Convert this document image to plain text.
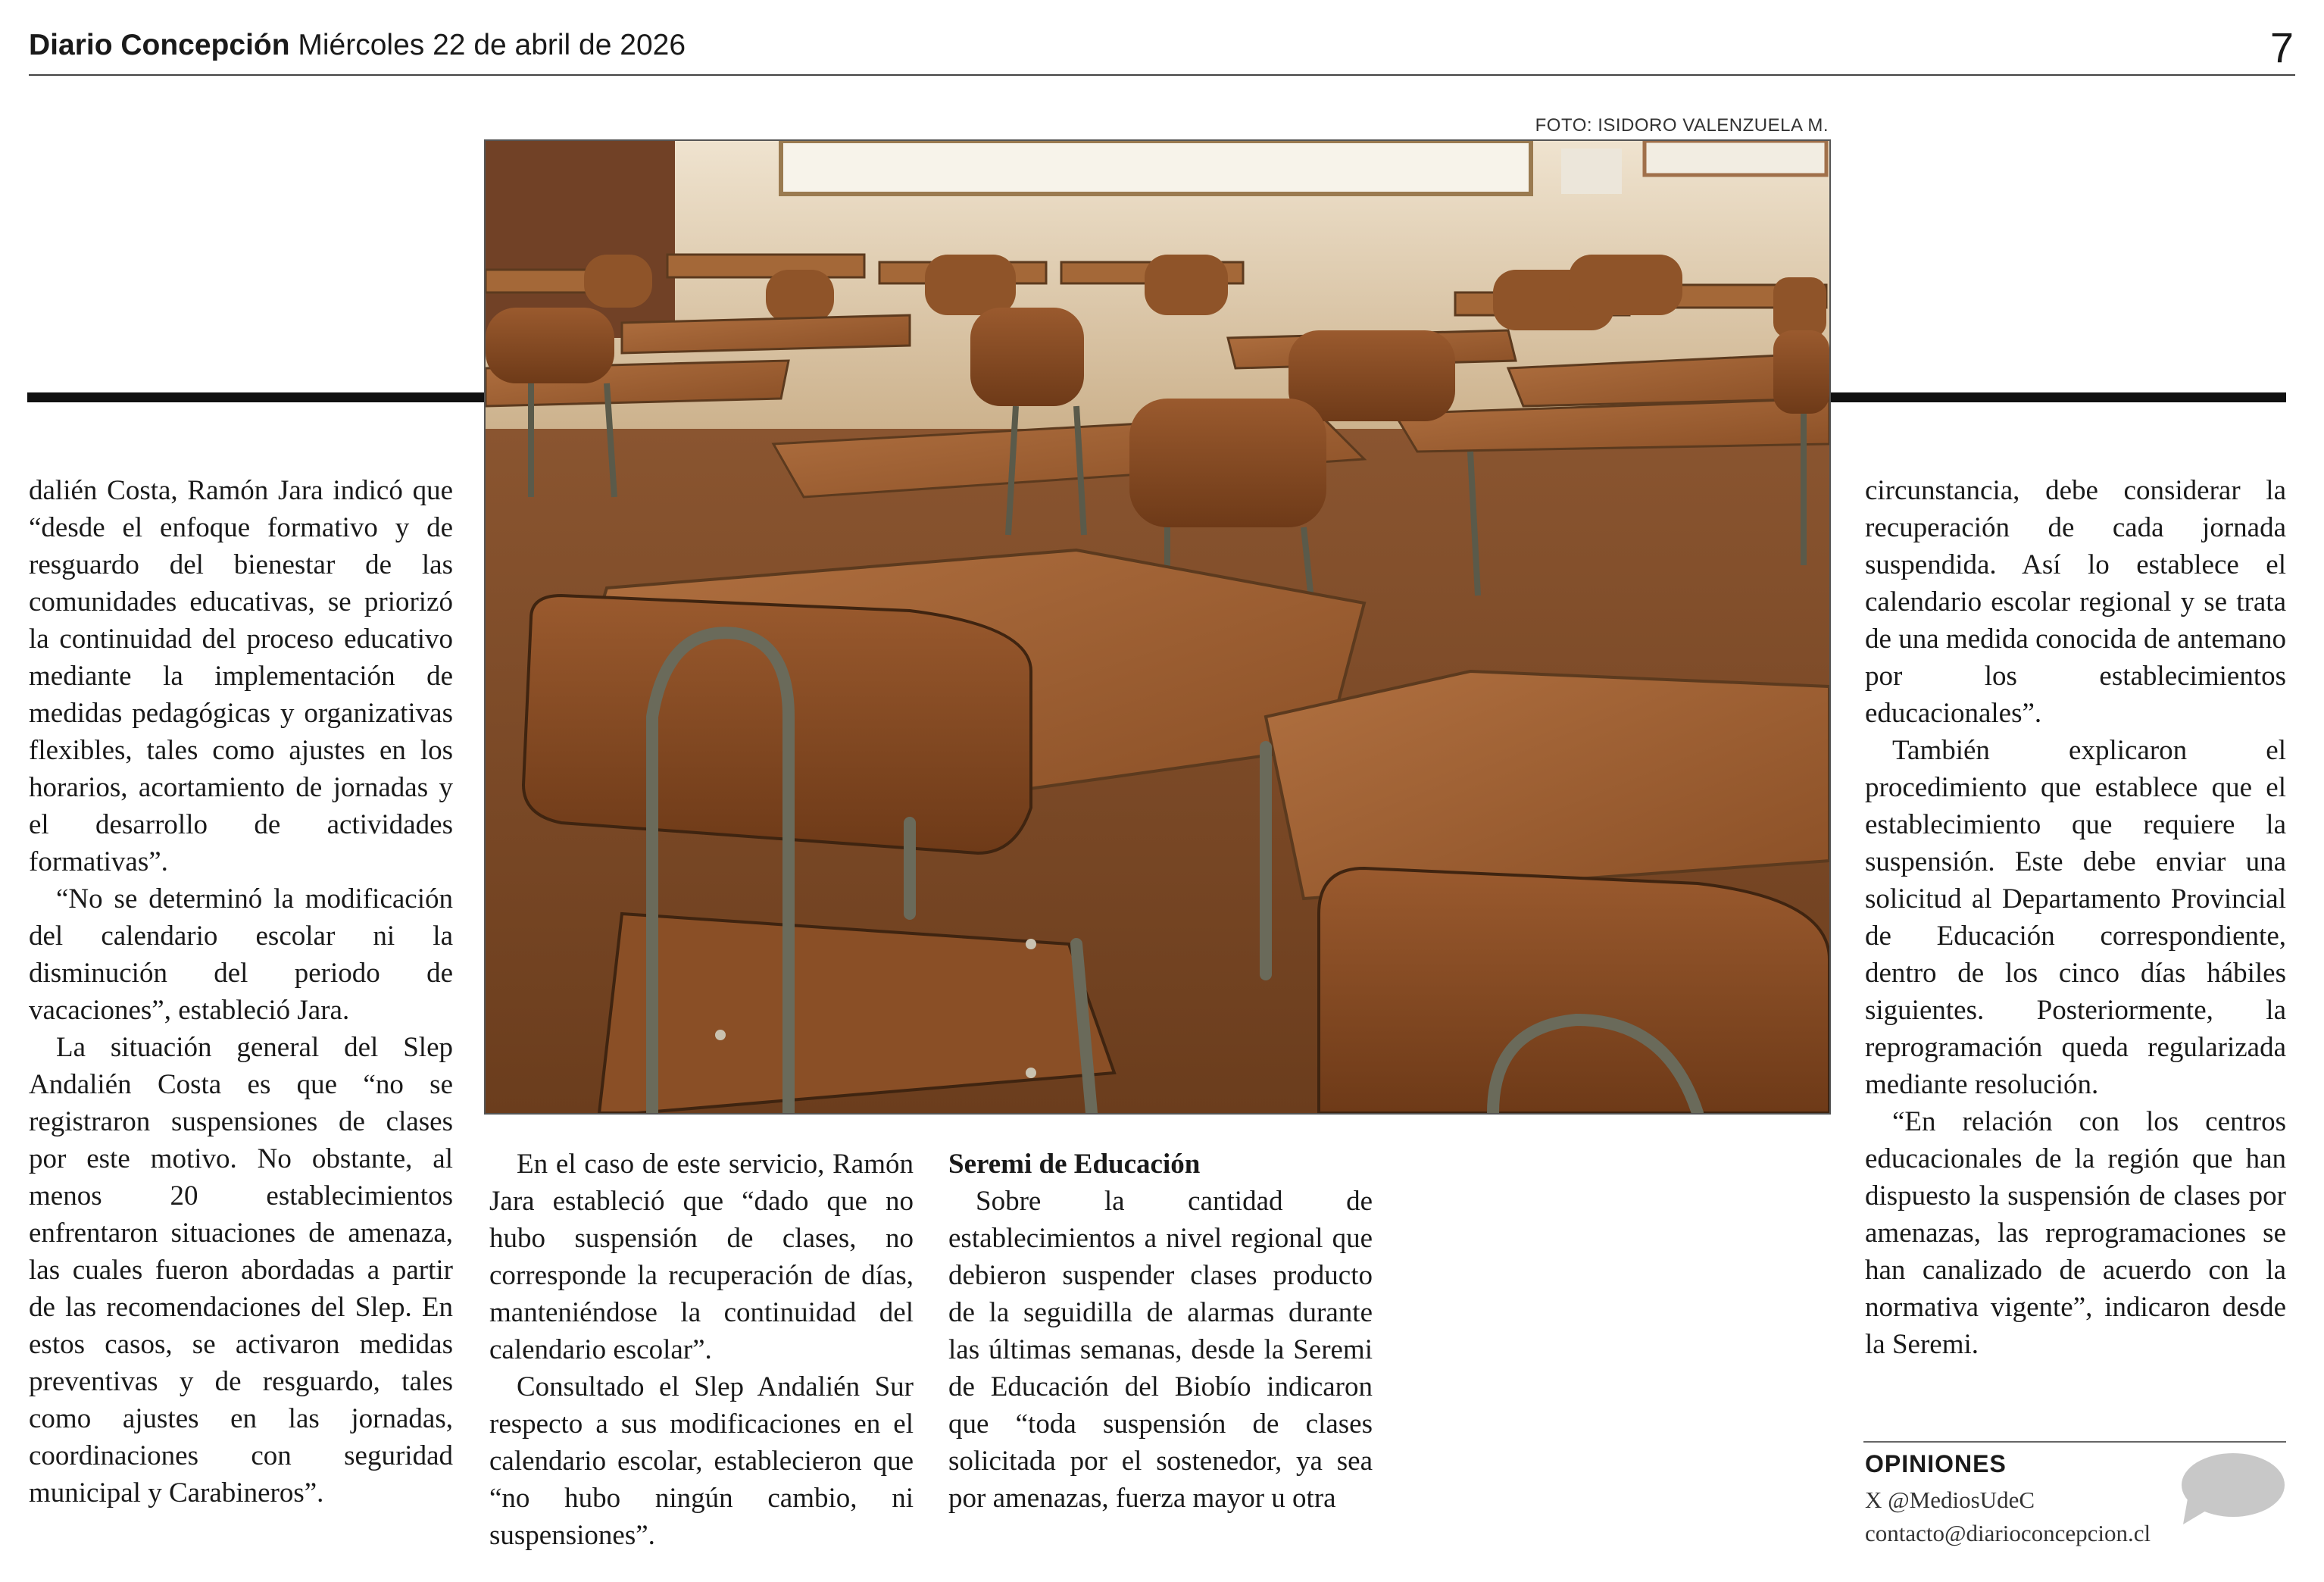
Diario Concepción Miércoles 22 de abril de 2026	7
FOTO: ISIDORO VALENZUELA M.

dalién Costa, Ramón Jara indicó que “desde el enfoque formativo y de resguardo del bienestar de las comunidades educativas, se priorizó la continuidad del proceso educativo mediante la implementación de medidas pedagógicas y organizativas flexibles, tales como ajustes en los horarios, acortamiento de jornadas y el desarrollo de actividades formativas”.

“No se determinó la modificación del calendario escolar ni la disminución del periodo de vacaciones”, estableció Jara.

La situación general del Slep Andalién Costa es que “no se registraron suspensiones de clases por este motivo. No obstante, al menos 20 establecimientos enfrentaron situaciones de amenaza, las cuales fueron abordadas a partir de las recomendaciones del Slep. En estos casos, se activaron medidas preventivas y de resguardo, tales como ajustes en las jornadas, coordinaciones con seguridad municipal y Carabineros”.

En el caso de este servicio, Ramón Jara estableció que “dado que no hubo suspensión de clases, no corresponde la recuperación de días, manteniéndose la continuidad del calendario escolar”.

Consultado el Slep Andalién Sur respecto a sus modificaciones en el calendario escolar, establecieron que “no hubo ningún cambio, ni suspensiones”.

Seremi de Educación

Sobre la cantidad de establecimientos a nivel regional que debieron suspender clases producto de la seguidilla de alarmas durante las últimas semanas, desde la Seremi de Educación del Biobío indicaron que “toda suspensión de clases solicitada por el sostenedor, ya sea por amenazas, fuerza mayor u otra

circunstancia, debe considerar la recuperación de cada jornada suspendida. Así lo establece el calendario escolar regional y se trata de una medida conocida de antemano por los establecimientos educacionales”.

También explicaron el procedimiento que establece que el establecimiento que requiere la suspensión. Este debe enviar una solicitud al Departamento Provincial de Educación correspondiente, dentro de los cinco días hábiles siguientes. Posteriormente, la reprogramación queda regularizada mediante resolución.

“En relación con los centros educacionales de la región que han dispuesto la suspensión de clases por amenazas, las reprogramaciones se han canalizado de acuerdo con la normativa vigente”, indicaron desde la Seremi.

OPINIONES
X @MediosUdeC
contacto@diarioconcepcion.cl
